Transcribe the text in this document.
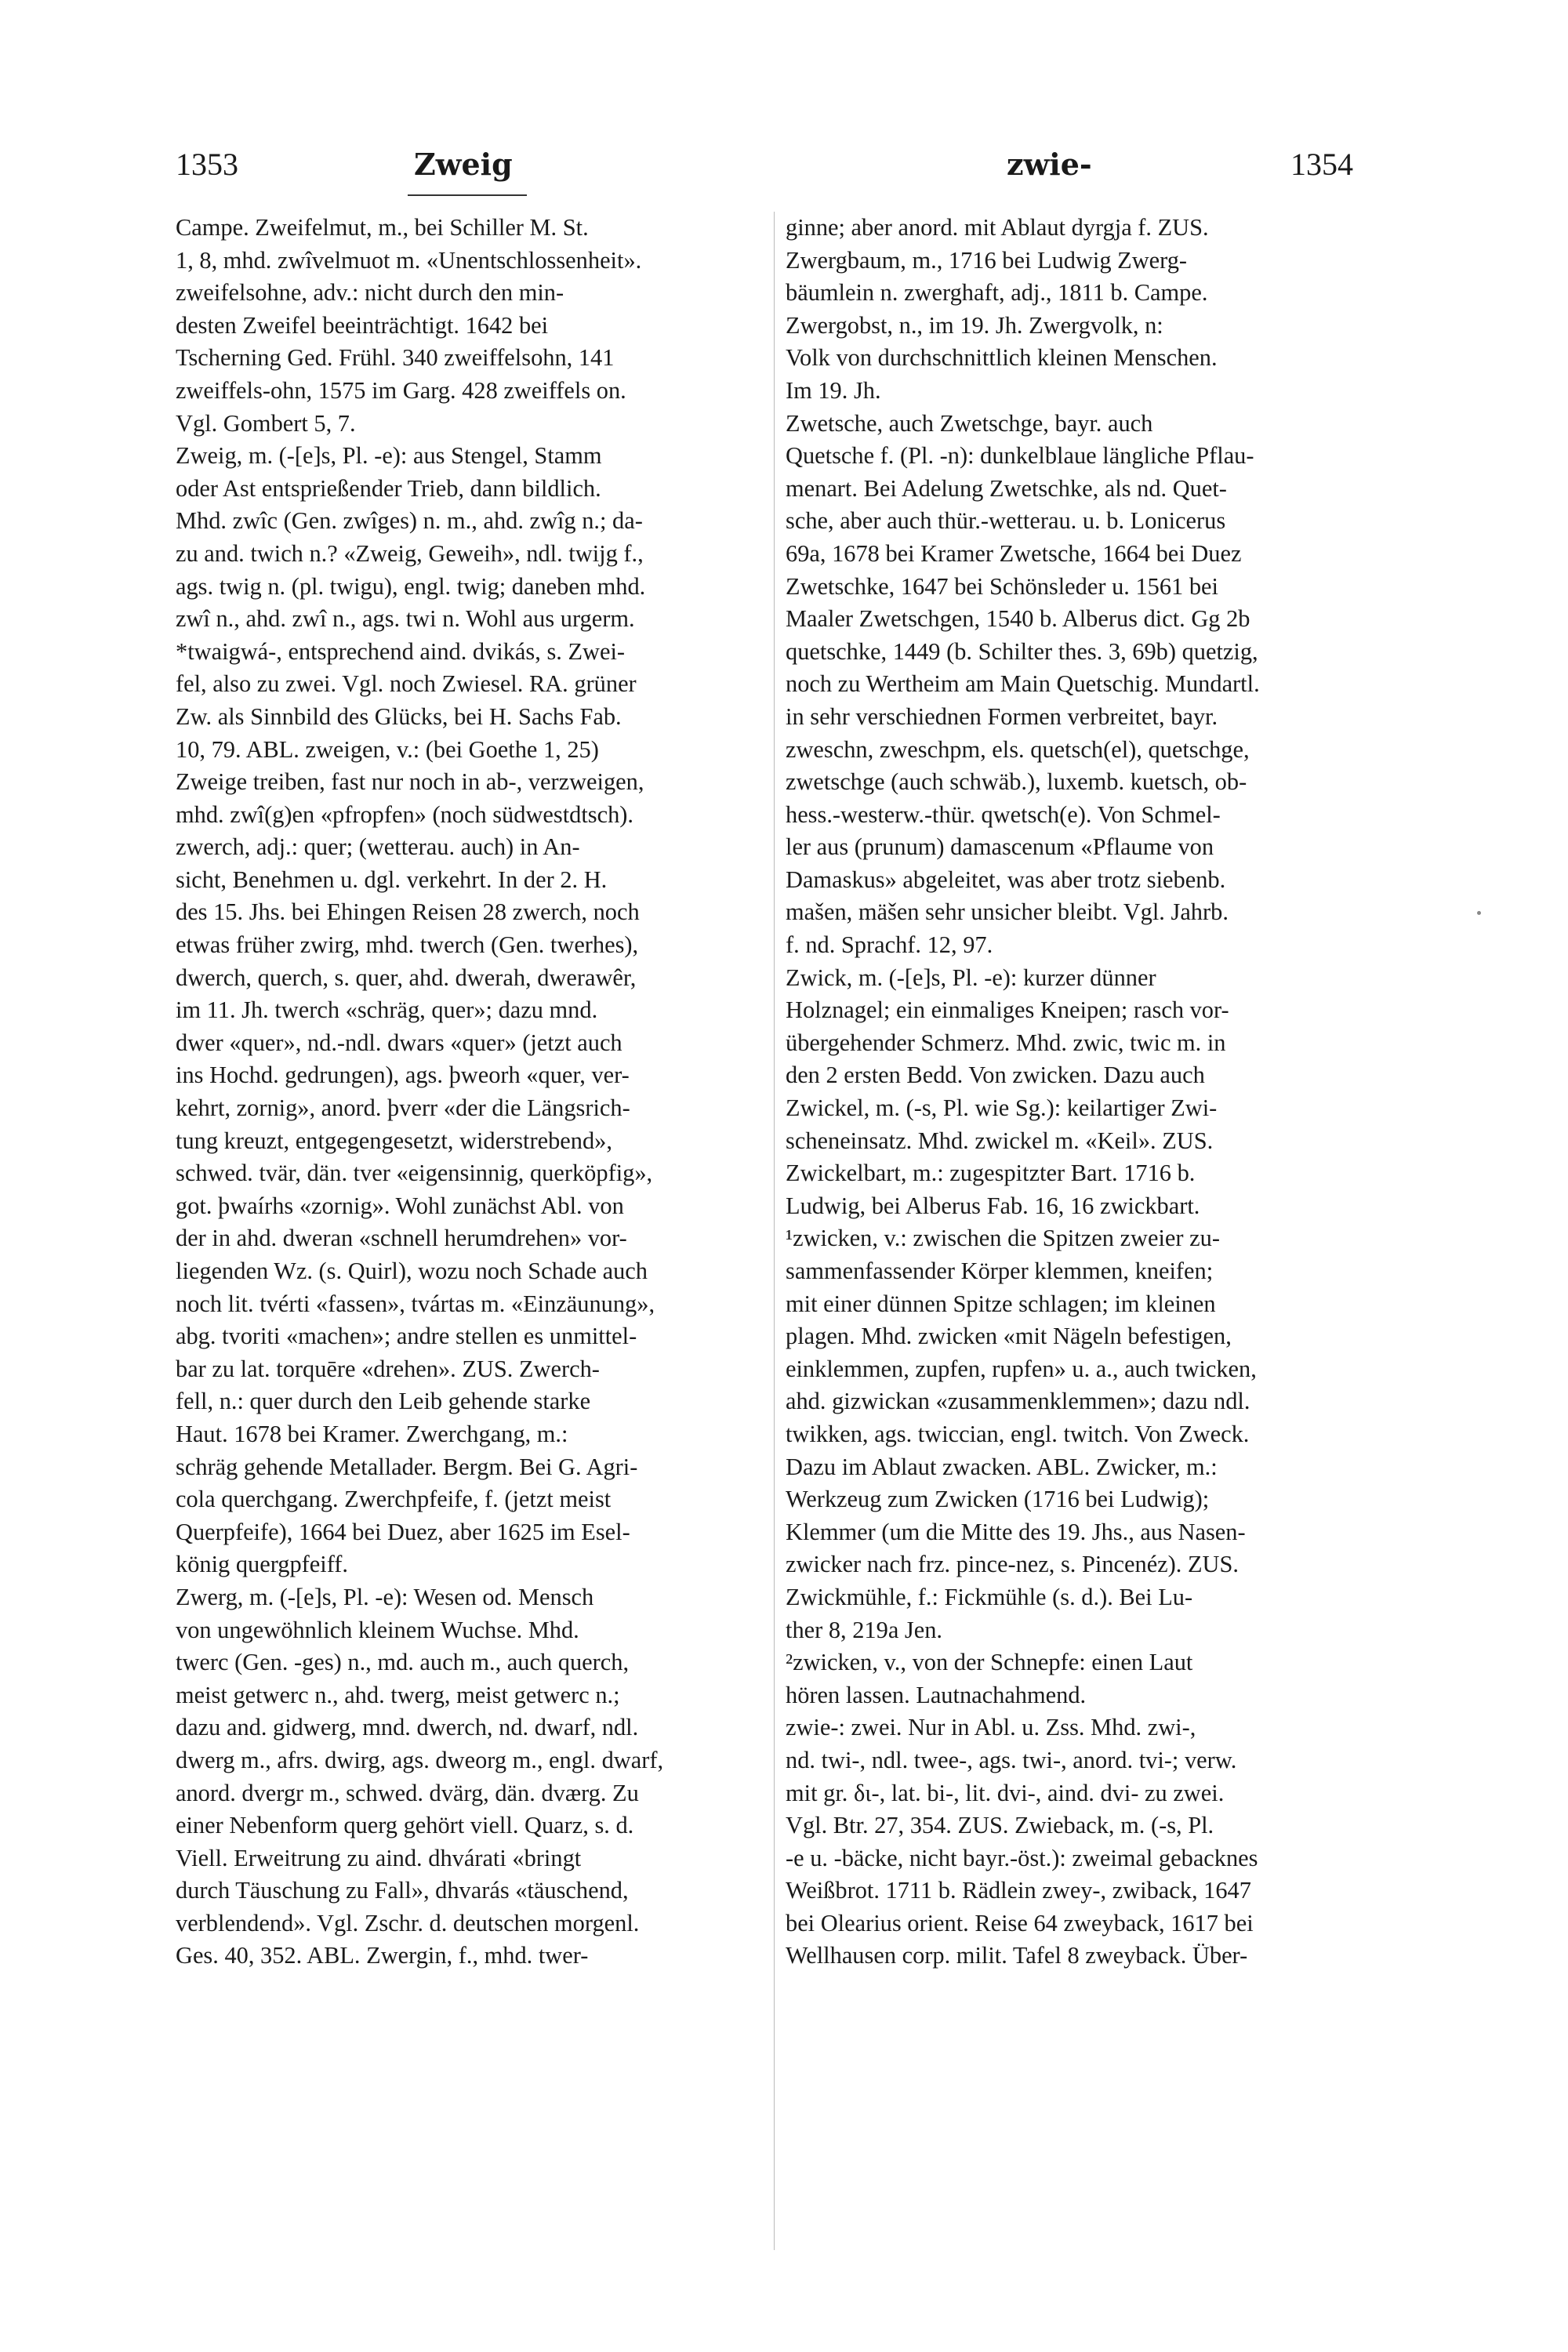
1353	Zweig	zwie-	1354
Campe. Zweifelmut, m., bei Schiller M. St.
1, 8, mhd. zwîvelmuot m. «Unentschlossenheit».
zweifelsohne, adv.: nicht durch den min-
desten Zweifel beeinträchtigt. 1642 bei
Tscherning Ged. Frühl. 340 zweiffelsohn, 141
zweiffels-ohn, 1575 im Garg. 428 zweiffels on.
Vgl. Gombert 5, 7.
Zweig, m. (-[e]s, Pl. -e): aus Stengel, Stamm
oder Ast entsprießender Trieb, dann bildlich.
Mhd. zwîc (Gen. zwîges) n. m., ahd. zwîg n.; da-
zu and. twich n.? «Zweig, Geweih», ndl. twijg f.,
ags. twig n. (pl. twigu), engl. twig; daneben mhd.
zwî n., ahd. zwî n., ags. twi n. Wohl aus urgerm.
*twaigwá-, entsprechend aind. dvikás, s. Zwei-
fel, also zu zwei. Vgl. noch Zwiesel. RA. grüner
Zw. als Sinnbild des Glücks, bei H. Sachs Fab.
10, 79. ABL. zweigen, v.: (bei Goethe 1, 25)
Zweige treiben, fast nur noch in ab-, verzweigen,
mhd. zwî(g)en «pfropfen» (noch südwestdtsch).
zwerch, adj.: quer; (wetterau. auch) in An-
sicht, Benehmen u. dgl. verkehrt. In der 2. H.
des 15. Jhs. bei Ehingen Reisen 28 zwerch, noch
etwas früher zwirg, mhd. twerch (Gen. twerhes),
dwerch, querch, s. quer, ahd. dwerah, dwerawêr,
im 11. Jh. twerch «schräg, quer»; dazu mnd.
dwer «quer», nd.-ndl. dwars «quer» (jetzt auch
ins Hochd. gedrungen), ags. þweorh «quer, ver-
kehrt, zornig», anord. þverr «der die Längsrich-
tung kreuzt, entgegengesetzt, widerstrebend»,
schwed. tvär, dän. tver «eigensinnig, querköpfig»,
got. þwaírhs «zornig». Wohl zunächst Abl. von
der in ahd. dweran «schnell herumdrehen» vor-
liegenden Wz. (s. Quirl), wozu noch Schade auch
noch lit. tvérti «fassen», tvártas m. «Einzäunung»,
abg. tvoriti «machen»; andre stellen es unmittel-
bar zu lat. torquēre «drehen». ZUS. Zwerch-
fell, n.: quer durch den Leib gehende starke
Haut. 1678 bei Kramer. Zwerchgang, m.:
schräg gehende Metallader. Bergm. Bei G. Agri-
cola querchgang. Zwerchpfeife, f. (jetzt meist
Querpfeife), 1664 bei Duez, aber 1625 im Esel-
könig quergpfeiff.
Zwerg, m. (-[e]s, Pl. -e): Wesen od. Mensch
von ungewöhnlich kleinem Wuchse. Mhd.
twerc (Gen. -ges) n., md. auch m., auch querch,
meist getwerc n., ahd. twerg, meist getwerc n.;
dazu and. gidwerg, mnd. dwerch, nd. dwarf, ndl.
dwerg m., afrs. dwirg, ags. dweorg m., engl. dwarf,
anord. dvergr m., schwed. dvärg, dän. dværg. Zu
einer Nebenform querg gehört viell. Quarz, s. d.
Viell. Erweitrung zu aind. dhvárati «bringt
durch Täuschung zu Fall», dhvarás «täuschend,
verblendend». Vgl. Zschr. d. deutschen morgenl.
Ges. 40, 352. ABL. Zwergin, f., mhd. twer-
ginne; aber anord. mit Ablaut dyrgja f. ZUS.
Zwergbaum, m., 1716 bei Ludwig Zwerg-
bäumlein n. zwerghaft, adj., 1811 b. Campe.
Zwergobst, n., im 19. Jh. Zwergvolk, n:
Volk von durchschnittlich kleinen Menschen.
Im 19. Jh.
Zwetsche, auch Zwetschge, bayr. auch
Quetsche f. (Pl. -n): dunkelblaue längliche Pflau-
menart. Bei Adelung Zwetschke, als nd. Quet-
sche, aber auch thür.-wetterau. u. b. Lonicerus
69a, 1678 bei Kramer Zwetsche, 1664 bei Duez
Zwetschke, 1647 bei Schönsleder u. 1561 bei
Maaler Zwetschgen, 1540 b. Alberus dict. Gg 2b
quetschke, 1449 (b. Schilter thes. 3, 69b) quetzig,
noch zu Wertheim am Main Quetschig. Mundartl.
in sehr verschiednen Formen verbreitet, bayr.
zweschn, zweschpm, els. quetsch(el), quetschge,
zwetschge (auch schwäb.), luxemb. kuetsch, ob-
hess.-westerw.-thür. qwetsch(e). Von Schmel-
ler aus (prunum) damascenum «Pflaume von
Damaskus» abgeleitet, was aber trotz siebenb.
mašen, mäšen sehr unsicher bleibt. Vgl. Jahrb.
f. nd. Sprachf. 12, 97.
Zwick, m. (-[e]s, Pl. -e): kurzer dünner
Holznagel; ein einmaliges Kneipen; rasch vor-
übergehender Schmerz. Mhd. zwic, twic m. in
den 2 ersten Bedd. Von zwicken. Dazu auch
Zwickel, m. (-s, Pl. wie Sg.): keilartiger Zwi-
scheneinsatz. Mhd. zwickel m. «Keil». ZUS.
Zwickelbart, m.: zugespitzter Bart. 1716 b.
Ludwig, bei Alberus Fab. 16, 16 zwickbart.
¹zwicken, v.: zwischen die Spitzen zweier zu-
sammenfassender Körper klemmen, kneifen;
mit einer dünnen Spitze schlagen; im kleinen
plagen. Mhd. zwicken «mit Nägeln befestigen,
einklemmen, zupfen, rupfen» u. a., auch twicken,
ahd. gizwickan «zusammenklemmen»; dazu ndl.
twikken, ags. twiccian, engl. twitch. Von Zweck.
Dazu im Ablaut zwacken. ABL. Zwicker, m.:
Werkzeug zum Zwicken (1716 bei Ludwig);
Klemmer (um die Mitte des 19. Jhs., aus Nasen-
zwicker nach frz. pince-nez, s. Pincenéz). ZUS.
Zwickmühle, f.: Fickmühle (s. d.). Bei Lu-
ther 8, 219a Jen.
²zwicken, v., von der Schnepfe: einen Laut
hören lassen. Lautnachahmend.
zwie-: zwei. Nur in Abl. u. Zss. Mhd. zwi-,
nd. twi-, ndl. twee-, ags. twi-, anord. tvi-; verw.
mit gr. δι-, lat. bi-, lit. dvi-, aind. dvi- zu zwei.
Vgl. Btr. 27, 354. ZUS. Zwieback, m. (-s, Pl.
-e u. -bäcke, nicht bayr.-öst.): zweimal gebacknes
Weißbrot. 1711 b. Rädlein zwey-, zwiback, 1647
bei Olearius orient. Reise 64 zweyback, 1617 bei
Wellhausen corp. milit. Tafel 8 zweyback. Über-
